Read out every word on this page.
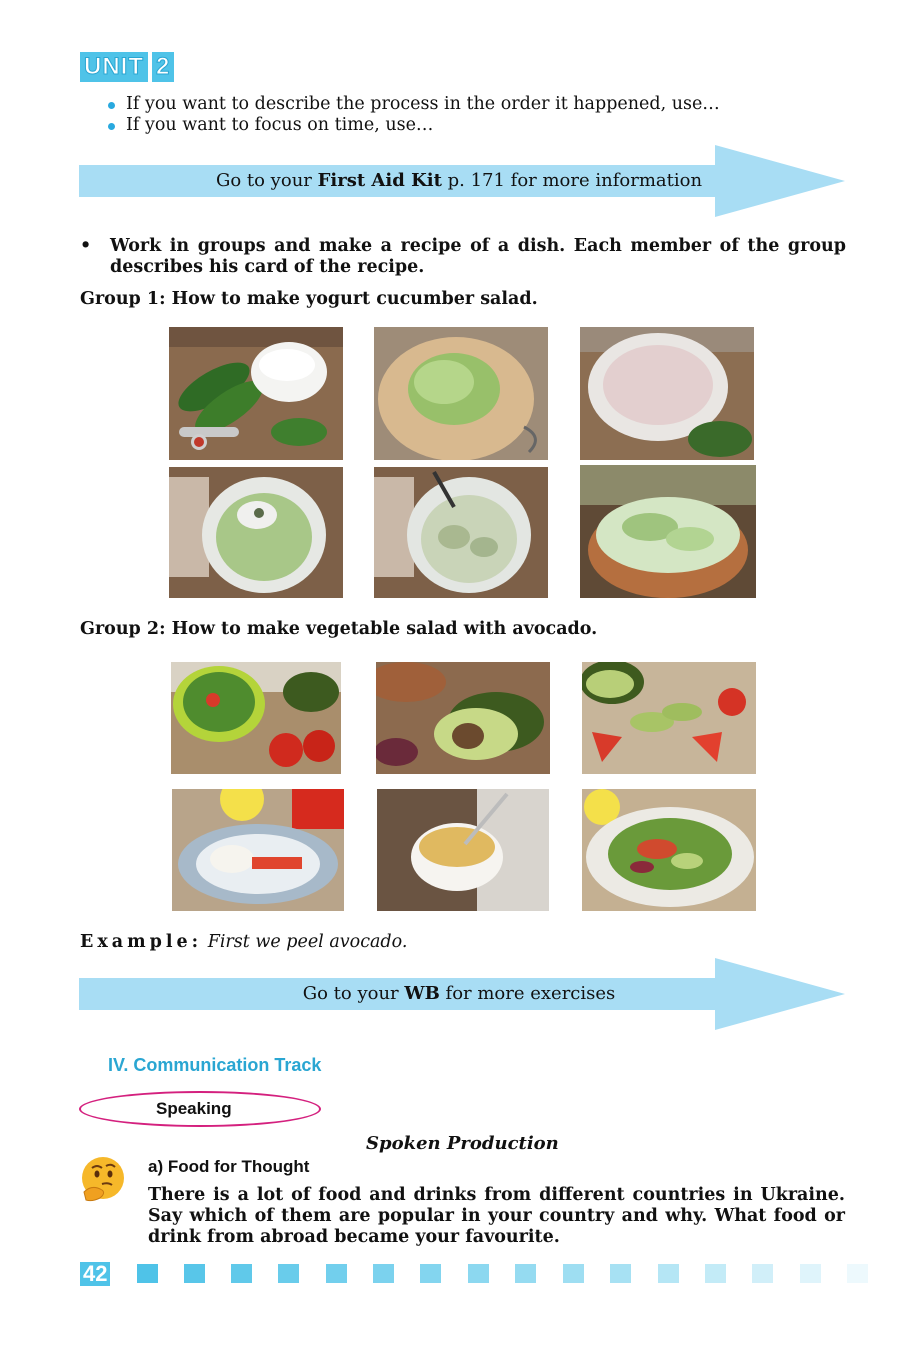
UNIT 2
If you want to describe the process in the order it happened, use…
If you want to focus on time, use…
Go to your First Aid Kit p. 171 for more information
• Work in groups and make a recipe of a dish. Each member of the group describes his card of the recipe.
Group 1: How to make yogurt cucumber salad.
Group 2: How to make vegetable salad with avocado.
Example: First we peel avocado.
Go to your WB for more exercises
IV. Communication Track
Speaking
Spoken Production
a) Food for Thought
There is a lot of food and drinks from different countries in Ukraine. Say which of them are popular in your country and why. What food or drink from abroad became your favourite.
42
